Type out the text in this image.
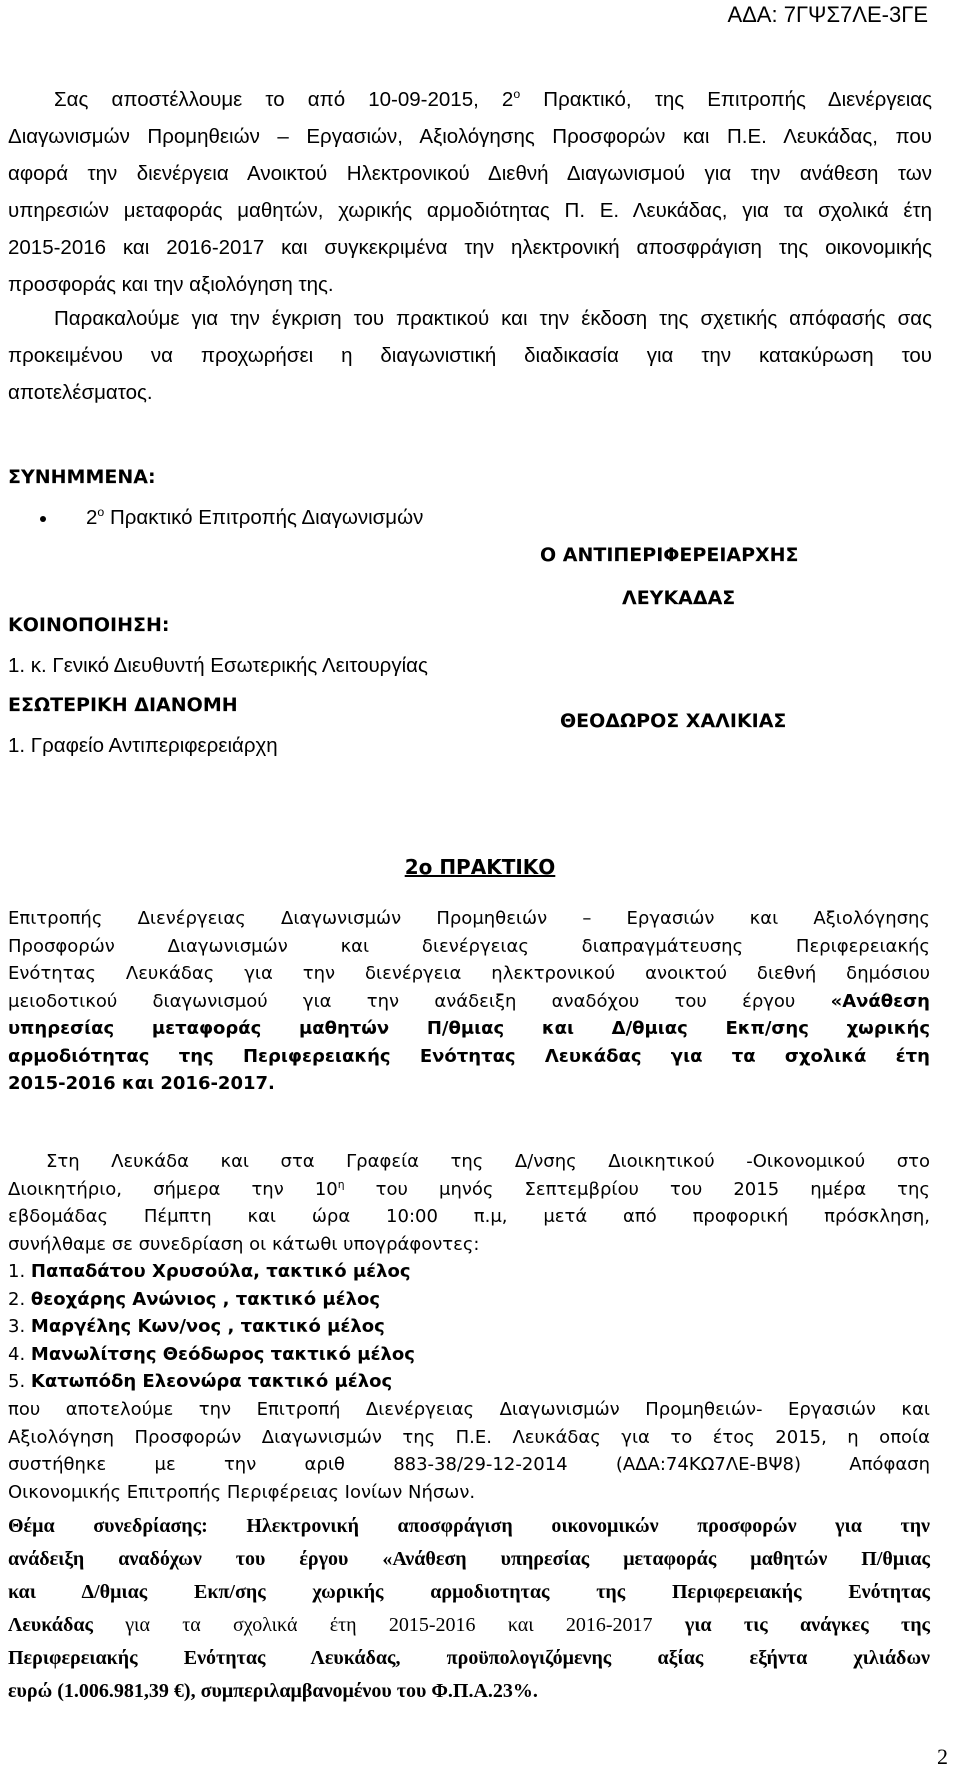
ΑΔΑ: 7ΓΨΣ7ΛΕ-3ΓΕ
Σας αποστέλλουμε το από 10-09-2015, $2^o$ Πρακτικό, της Επιτροπής Διενέργειας
Διαγωνισμών Προμηθειών – Εργασιών, Αξιολόγησης Προσφορών και Π.Ε. Λευκάδας, που
αφορά την διενέργεια Ανοικτού Ηλεκτρονικού Διεθνή Διαγωνισμού για την ανάθεση των
υπηρεσιών μεταφοράς μαθητών, χωρικής αρμοδιότητας Π. Ε. Λευκάδας, για τα σχολικά έτη
2015-2016 και 2016-2017 και συγκεκριμένα την ηλεκτρονική αποσφράγιση της οικονομικής
προσφοράς και την αξιολόγηση της.
Παρακαλούμε για την έγκριση του πρακτικού και την έκδοση της σχετικής απόφασής σας
προκειμένου να προχωρήσει η διαγωνιστική διαδικασία για την κατακύρωση του
αποτελέσματος.
ΣΥΝΗΜΜΕΝΑ:
$2^o$ Πρακτικό Επιτροπής Διαγωνισμών
Ο ΑΝΤΙΠΕΡΙΦΕΡΕΙΑΡΧΗΣ
ΛΕΥΚΑΔΑΣ
ΘΕΟΔΩΡΟΣ ΧΑΛΙΚΙΑΣ
ΚΟΙΝΟΠΟΙΗΣΗ:
1. κ. Γενικό Διευθυντή Εσωτερικής Λειτουργίας
ΕΣΩΤΕΡΙΚΗ ΔΙΑΝΟΜΗ
1. Γραφείο Αντιπεριφερειάρχη
2ο ΠΡΑΚΤΙΚΟ
Επιτροπής Διενέργειας Διαγωνισμών Προμηθειών – Εργασιών και Αξιολόγησης
Προσφορών Διαγωνισμών και διενέργειας διαπραγμάτευσης Περιφερειακής
Ενότητας Λευκάδας για την διενέργεια ηλεκτρονικού ανοικτού διεθνή δημόσιου
μειοδοτικού διαγωνισμού για την ανάδειξη αναδόχου του έργου «Ανάθεση
υπηρεσίας μεταφοράς μαθητών Π/θμιας και Δ/θμιας Εκπ/σης χωρικής
αρμοδιότητας της Περιφερειακής Ενότητας Λευκάδας για τα σχολικά έτη
2015-2016 και 2016-2017.
Στη Λευκάδα και στα Γραφεία της Δ/νσης Διοικητικού -Οικονομικού στο
Διοικητήριο, σήμερα την $10^\eta$ του μηνός Σεπτεμβρίου του 2015 ημέρα της
εβδομάδας Πέμπτη και ώρα 10:00 π.μ, μετά από προφορική πρόσκληση,
συνήλθαμε σε συνεδρίαση οι κάτωθι υπογράφοντες:
1. Παπαδάτου Χρυσούλα, τακτικό μέλος
2. θεοχάρης Ανώνιος , τακτικό μέλος
3. Μαργέλης Κων/νος , τακτικό μέλος
4. Μανωλίτσης Θεόδωρος τακτικό μέλος
5. Κατωπόδη Ελεονώρα τακτικό μέλος
που αποτελούμε την Επιτροπή Διενέργειας Διαγωνισμών Προμηθειών- Εργασιών και
Αξιολόγηση Προσφορών Διαγωνισμών της Π.Ε. Λευκάδας για το έτος 2015, η οποία
συστήθηκε με την αριθ 883-38/29-12-2014 (ΑΔΑ:74ΚΩ7ΛΕ-ΒΨ8) Απόφαση
Οικονομικής Επιτροπής Περιφέρειας Ιονίων Νήσων.
Θέμα συνεδρίασης: Ηλεκτρονική αποσφράγιση οικονομικών προσφορών για την
ανάδειξη αναδόχων του έργου «Ανάθεση υπηρεσίας μεταφοράς μαθητών Π/θμιας
και Δ/θμιας Εκπ/σης χωρικής αρμοδιοτητας της Περιφερειακής Ενότητας
Λευκάδας για τα σχολικά έτη 2015-2016 και 2016-2017 για τις ανάγκες της
Περιφερειακής Ενότητας Λευκάδας, προϋπολογιζόμενης αξίας εξήντα χιλιάδων
ευρώ (1.006.981,39 €), συμπεριλαμβανομένου του Φ.Π.Α.23%.
2
